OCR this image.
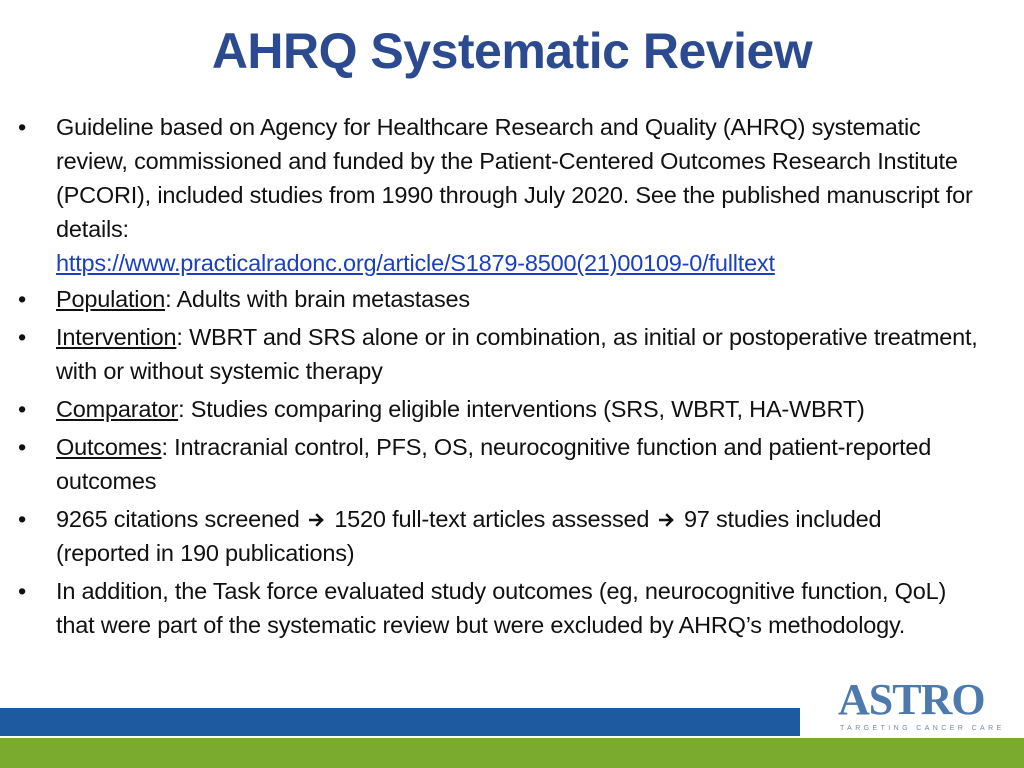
AHRQ Systematic Review
•	Guideline based on Agency for Healthcare Research and Quality (AHRQ) systematic review, commissioned and funded by the Patient-Centered Outcomes Research Institute (PCORI), included studies from 1990 through July 2020. See the published manuscript for details:
https://www.practicalradonc.org/article/S1879-8500(21)00109-0/fulltext
•	Population: Adults with brain metastases
•	Intervention: WBRT and SRS alone or in combination, as initial or postoperative treatment, with or without systemic therapy
•	Comparator: Studies comparing eligible interventions (SRS, WBRT, HA-WBRT)
•	Outcomes: Intracranial control, PFS, OS, neurocognitive function and patient-reported outcomes
•	9265 citations screened 1520 full-text articles assessed 97 studies included (reported in 190 publications)
•	In addition, the Task force evaluated study outcomes (eg, neurocognitive function, QoL) that were part of the systematic review but were excluded by AHRQ’s methodology.
ASTRO
TARGETING CANCER CARE
